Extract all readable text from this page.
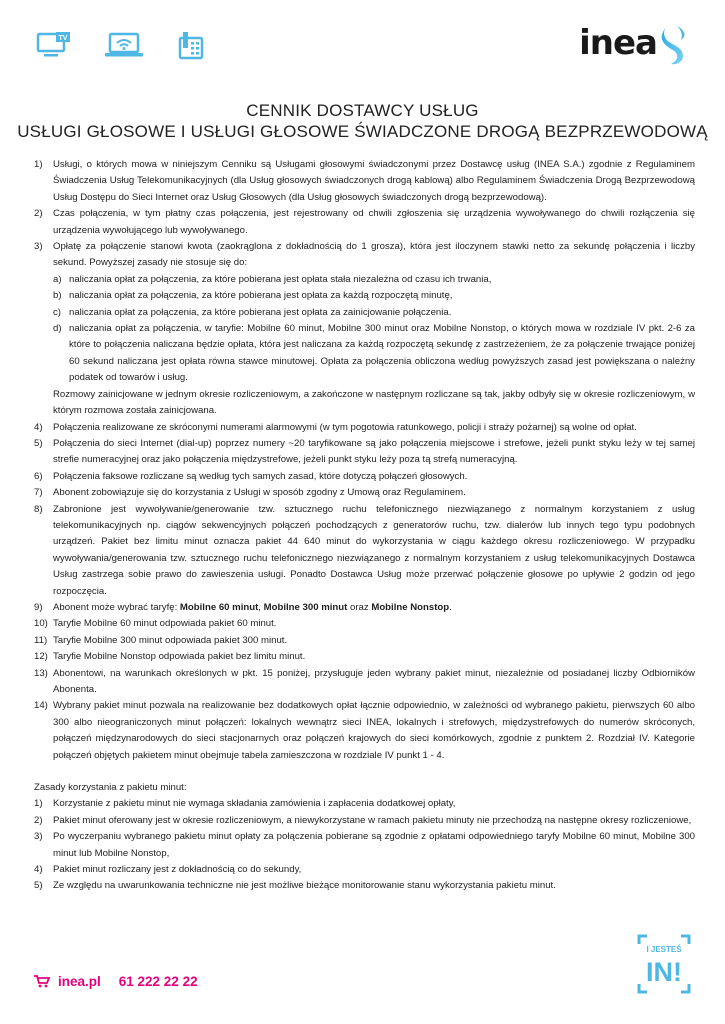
TV	inea
CENNIK DOSTAWCY USŁUG
USŁUGI GŁOSOWE I USŁUGI GŁOSOWE ŚWIADCZONE DROGĄ BEZPRZEWODOWĄ
1)	Usługi, o których mowa w niniejszym Cenniku są Usługami głosowymi świadczonymi przez Dostawcę usług (INEA S.A.) zgodnie z Regulaminem Świadczenia Usług Telekomunikacyjnych (dla Usług głosowych świadczonych drogą kablową) albo Regulaminem Świadczenia Drogą Bezprzewodową Usług Dostępu do Sieci Internet oraz Usług Głosowych (dla Usług głosowych świadczonych drogą bezprzewodową).
2)	Czas połączenia, w tym płatny czas połączenia, jest rejestrowany od chwili zgłoszenia się urządzenia wywoływanego do chwili rozłączenia się urządzenia wywołującego lub wywoływanego.
3)	Opłatę za połączenie stanowi kwota (zaokrąglona z dokładnością do 1 grosza), która jest iloczynem stawki netto za sekundę połączenia i liczby sekund. Powyższej zasady nie stosuje się do:
a) naliczania opłat za połączenia, za które pobierana jest opłata stała niezależna od czasu ich trwania,
b) naliczania opłat za połączenia, za które pobierana jest opłata za każdą rozpoczętą minutę,
c) naliczania opłat za połączenia, za które pobierana jest opłata za zainicjowanie połączenia.
d) naliczania opłat za połączenia, w taryfie: Mobilne 60 minut, Mobilne 300 minut oraz Mobilne Nonstop, o których mowa w rozdziale IV pkt. 2-6 za które to połączenia naliczana będzie opłata, która jest naliczana za każdą rozpoczętą sekundę z zastrzeżeniem, że za połączenie trwające poniżej 60 sekund naliczana jest opłata równa stawce minutowej. Opłata za połączenia obliczona według powyższych zasad jest powiększana o należny podatek od towarów i usług.
Rozmowy zainicjowane w jednym okresie rozliczeniowym, a zakończone w następnym rozliczane są tak, jakby odbyły się w okresie rozliczeniowym, w którym rozmowa została zainicjowana.
4)	Połączenia realizowane ze skróconymi numerami alarmowymi (w tym pogotowia ratunkowego, policji i straży pożarnej) są wolne od opłat.
5)	Połączenia do sieci Internet (dial-up) poprzez numery ~20 taryfikowane są jako połączenia miejscowe i strefowe, jeżeli punkt styku leży w tej samej strefie numeracyjnej oraz jako połączenia międzystrefowe, jeżeli punkt styku leży poza tą strefą numeracyjną.
6)	Połączenia faksowe rozliczane są według tych samych zasad, które dotyczą połączeń głosowych.
7)	Abonent zobowiązuje się do korzystania z Usługi w sposób zgodny z Umową oraz Regulaminem.
8)	Zabronione jest wywoływanie/generowanie tzw. sztucznego ruchu telefonicznego niezwiązanego z normalnym korzystaniem z usług telekomunikacyjnych np. ciągów sekwencyjnych połączeń pochodzących z generatorów ruchu, tzw. dialerów lub innych tego typu podobnych urządzeń. Pakiet bez limitu minut oznacza pakiet 44 640 minut do wykorzystania w ciągu każdego okresu rozliczeniowego. W przypadku wywoływania/generowania tzw. sztucznego ruchu telefonicznego niezwiązanego z normalnym korzystaniem z usług telekomunikacyjnych Dostawca Usług zastrzega sobie prawo do zawieszenia usługi. Ponadto Dostawca Usług może przerwać połączenie głosowe po upływie 2 godzin od jego rozpoczęcia.
9)	Abonent może wybrać taryfę: Mobilne 60 minut, Mobilne 300 minut oraz Mobilne Nonstop.
10) Taryfie Mobilne 60 minut odpowiada pakiet 60 minut.
11) Taryfie Mobilne 300 minut odpowiada pakiet 300 minut.
12) Taryfie Mobilne Nonstop odpowiada pakiet bez limitu minut.
13) Abonentowi, na warunkach określonych w pkt. 15 poniżej, przysługuje jeden wybrany pakiet minut, niezależnie od posiadanej liczby Odbiorników Abonenta.
14) Wybrany pakiet minut pozwala na realizowanie bez dodatkowych opłat łącznie odpowiednio, w zależności od wybranego pakietu, pierwszych 60 albo 300 albo nieograniczonych minut połączeń: lokalnych wewnątrz sieci INEA, lokalnych i strefowych, międzystrefowych do numerów skróconych, połączeń międzynarodowych do sieci stacjonarnych oraz połączeń krajowych do sieci komórkowych, zgodnie z punktem 2. Rozdział IV. Kategorie połączeń objętych pakietem minut obejmuje tabela zamieszczona w rozdziale IV punkt 1 - 4.
Zasady korzystania z pakietu minut:
1)	Korzystanie z pakietu minut nie wymaga składania zamówienia i zapłacenia dodatkowej opłaty,
2)	Pakiet minut oferowany jest w okresie rozliczeniowym, a niewykorzystane w ramach pakietu minuty nie przechodzą na następne okresy rozliczeniowe,
3)	Po wyczerpaniu wybranego pakietu minut opłaty za połączenia pobierane są zgodnie z opłatami odpowiedniego taryfy Mobilne 60 minut, Mobilne 300 minut lub Mobilne Nonstop,
4)	Pakiet minut rozliczany jest z dokładnością co do sekundy,
5)	Ze względu na uwarunkowania techniczne nie jest możliwe bieżące monitorowanie stanu wykorzystania pakietu minut.
inea.pl 61 222 22 22
I JESTEŚ
IN!
